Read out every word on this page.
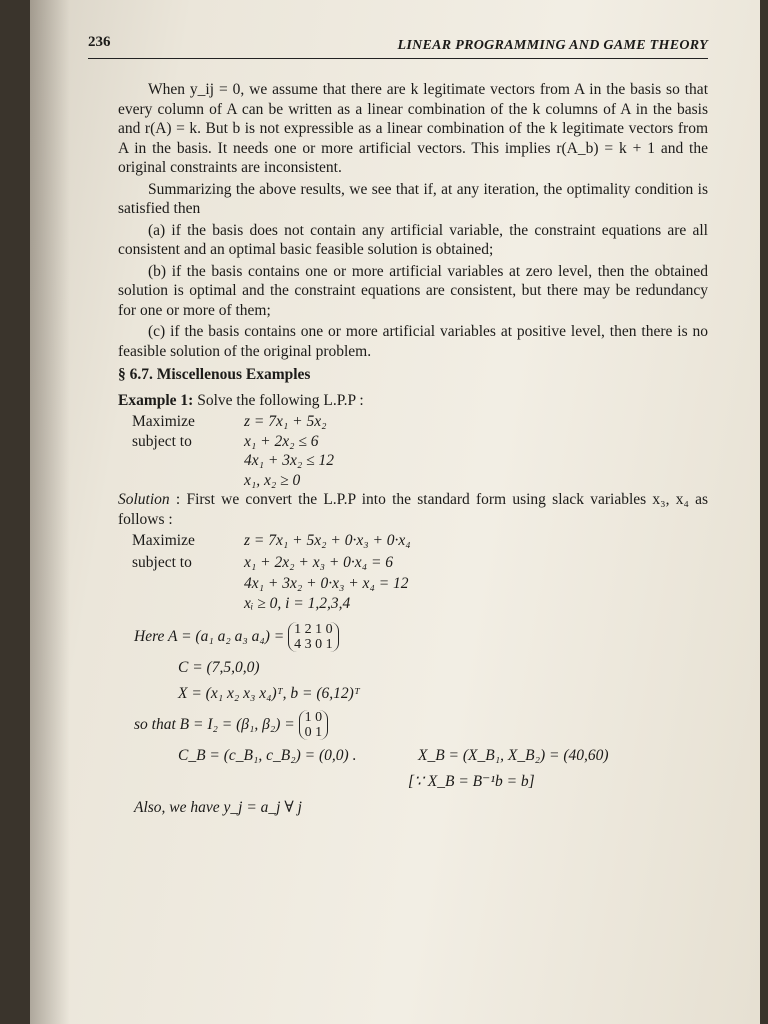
236	LINEAR PROGRAMMING AND GAME THEORY

When y_ij = 0, we assume that there are k legitimate vectors from A in the basis so that every column of A can be written as a linear combination of the k columns of A in the basis and r(A) = k. But b is not expressible as a linear combination of the k legitimate vectors from A in the basis. It needs one or more artificial vectors. This implies r(A_b) = k + 1 and the original constraints are inconsistent.

Summarizing the above results, we see that if, at any iteration, the optimality condition is satisfied then

(a) if the basis does not contain any artificial variable, the constraint equations are all consistent and an optimal basic feasible solution is obtained;

(b) if the basis contains one or more artificial variables at zero level, then the obtained solution is optimal and the constraint equations are consistent, but there may be redundancy for one or more of them;

(c) if the basis contains one or more artificial variables at positive level, then there is no feasible solution of the original problem.

§ 6.7. Miscellenous Examples

Example 1: Solve the following L.P.P :

Maximize	z = 7x₁ + 5x₂
subject to	x₁ + 2x₂ ≤ 6
4x₁ + 3x₂ ≤ 12
x₁, x₂ ≥ 0

Solution : First we convert the L.P.P into the standard form using slack variables x₃, x₄ as follows :

Maximize	z = 7x₁ + 5x₂ + 0·x₃ + 0·x₄
subject to	x₁ + 2x₂ + x₃ + 0·x₄ = 6
4x₁ + 3x₂ + 0·x₃ + x₄ = 12
xᵢ ≥ 0, i = 1,2,3,4
Here A = (a₁ a₂ a₃ a₄) = 1 2 1 0
4 3 0 1
C = (7,5,0,0)
X = (x₁ x₂ x₃ x₄)ᵀ, b = (6,12)ᵀ
so that B = I₂ = (β₁, β₂) = 1 0
0 1
C_B = (c_B₁, c_B₂) = (0,0) .	X_B = (X_B₁, X_B₂) = (40,60)
[∵ X_B = B⁻¹b = b]
Also, we have y_j = a_j ∀ j
